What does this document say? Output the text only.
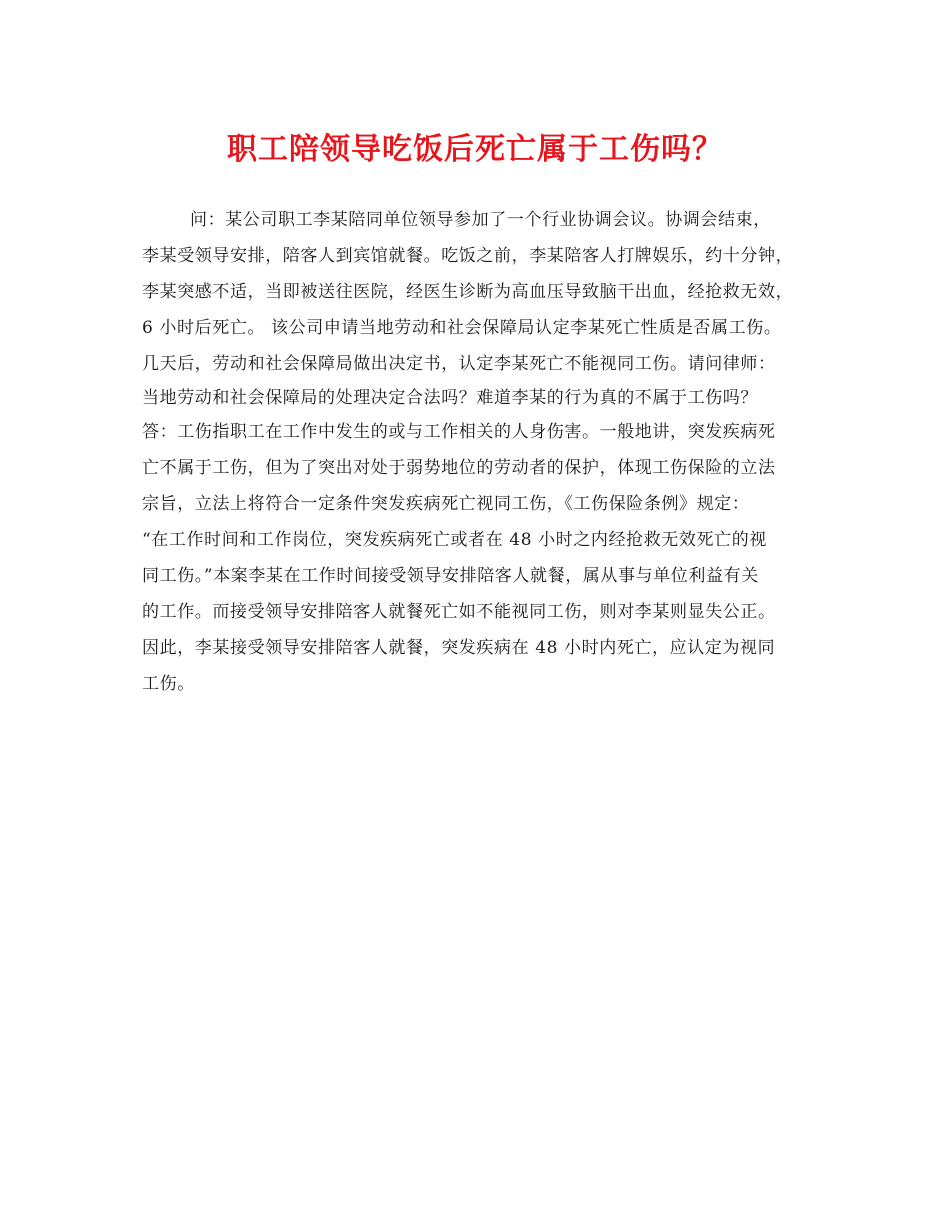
职工陪领导吃饭后死亡属于工伤吗？
问：某公司职工李某陪同单位领导参加了一个行业协调会议。协调会结束，
李某受领导安排，陪客人到宾馆就餐。吃饭之前，李某陪客人打牌娱乐，约十分钟，
李某突感不适，当即被送往医院，经医生诊断为高血压导致脑干出血，经抢救无效，
6 小时后死亡。 该公司申请当地劳动和社会保障局认定李某死亡性质是否属工伤。
几天后，劳动和社会保障局做出决定书，认定李某死亡不能视同工伤。请问律师：
当地劳动和社会保障局的处理决定合法吗？难道李某的行为真的不属于工伤吗？
答：工伤指职工在工作中发生的或与工作相关的人身伤害。一般地讲，突发疾病死
亡不属于工伤，但为了突出对处于弱势地位的劳动者的保护，体现工伤保险的立法
宗旨，立法上将符合一定条件突发疾病死亡视同工伤，《工伤保险条例》规定：
“在工作时间和工作岗位，突发疾病死亡或者在 48 小时之内经抢救无效死亡的视
同工伤。”本案李某在工作时间接受领导安排陪客人就餐，属从事与单位利益有关
的工作。而接受领导安排陪客人就餐死亡如不能视同工伤，则对李某则显失公正。
因此，李某接受领导安排陪客人就餐，突发疾病在 48 小时内死亡，应认定为视同
工伤。
